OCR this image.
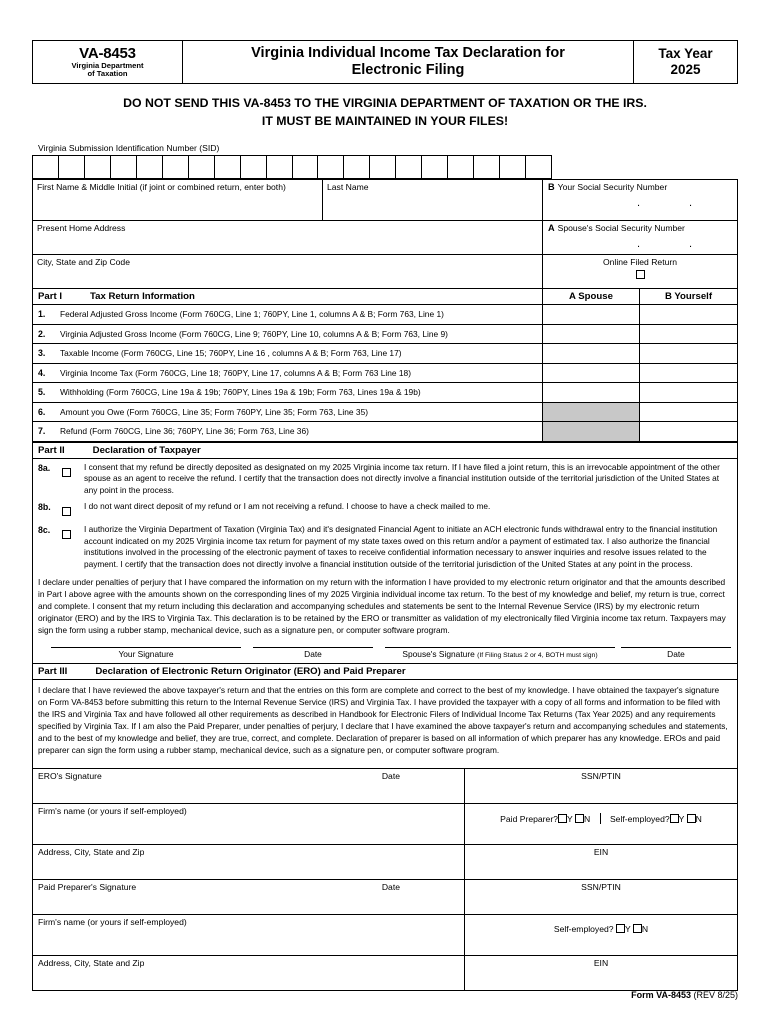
VA-8453
Virginia Department
of Taxation
Virginia Individual Income Tax Declaration for
Electronic Filing
Tax Year
2025
DO NOT SEND THIS VA-8453 TO THE VIRGINIA DEPARTMENT OF TAXATION OR THE IRS.
IT MUST BE MAINTAINED IN YOUR FILES!
Virginia Submission Identification Number (SID)
First Name & Middle Initial (if joint or combined return, enter both)	Last Name
Present Home Address
City, State and Zip Code
B Your Social Security Number
.	.
A Spouse's Social Security Number
.	.
Online Filed Return
Part I	Tax Return Information	A Spouse	B Yourself
1.	Federal Adjusted Gross Income (Form 760CG, Line 1; 760PY, Line 1, columns A & B; Form 763, Line 1)
2.	Virginia Adjusted Gross Income (Form 760CG, Line 9; 760PY, Line 10, columns A & B; Form 763, Line 9)
3.	Taxable Income (Form 760CG, Line 15; 760PY, Line 16 , columns A & B; Form 763, Line 17)
4.	Virginia Income Tax (Form 760CG, Line 18; 760PY, Line 17, columns A & B; Form 763 Line 18)
5.	Withholding (Form 760CG, Line 19a & 19b; 760PY, Lines 19a & 19b; Form 763, Lines 19a & 19b)
6.	Amount you Owe (Form 760CG, Line 35; Form 760PY, Line 35; Form 763, Line 35)
7.	Refund (Form 760CG, Line 36; 760PY, Line 36; Form 763, Line 36)
Part II	Declaration of Taxpayer
8a.	I consent that my refund be directly deposited as designated on my 2025 Virginia income tax return. If I have filed a joint return, this is an irrevocable appointment of the other spouse as an agent to receive the refund. I certify that the transaction does not directly involve a financial institution outside of the territorial jurisdiction of the United States at any point in the process.
8b.	I do not want direct deposit of my refund or I am not receiving a refund. I choose to have a check mailed to me.
8c.	I authorize the Virginia Department of Taxation (Virginia Tax) and it's designated Financial Agent to initiate an ACH electronic funds withdrawal entry to the financial institution account indicated on my 2025 Virginia income tax return for payment of my state taxes owed on this return and/or a payment of estimated tax. I also authorize the financial institutions involved in the processing of the electronic payment of taxes to receive confidential information necessary to answer inquiries and resolve issues related to the payment. I certify that the transaction does not directly involve a financial institution outside of the territorial jurisdiction of the United States at any point in the process.
I declare under penalties of perjury that I have compared the information on my return with the information I have provided to my electronic return originator and that the amounts described in Part I above agree with the amounts shown on the corresponding lines of my 2025 Virginia individual income tax return. To the best of my knowledge and belief, my return is true, correct and complete. I consent that my return including this declaration and accompanying schedules and statements be sent to the Internal Revenue Service (IRS) by my electronic return originator (ERO) and by the IRS to Virginia Tax. This declaration is to be retained by the ERO or transmitter as validation of my electronically filed Virginia income tax return. Taxpayers may sign the form using a rubber stamp, mechanical device, such as a signature pen, or computer software program.
Your Signature	Date	Spouse's Signature (If Filing Status 2 or 4, BOTH must sign)	Date
Part III	Declaration of Electronic Return Originator (ERO) and Paid Preparer
I declare that I have reviewed the above taxpayer's return and that the entries on this form are complete and correct to the best of my knowledge. I have obtained the taxpayer's signature on Form VA-8453 before submitting this return to the Internal Revenue Service (IRS) and Virginia Tax. I have provided the taxpayer with a copy of all forms and information to be filed with the IRS and Virginia Tax and have followed all other requirements as described in Handbook for Electronic Filers of Individual Income Tax Returns (Tax Year 2025) and any requirements specified by Virginia Tax. If I am also the Paid Preparer, under penalties of perjury, I declare that I have examined the above taxpayer's return and accompanying schedules and statements, and to the best of my knowledge and belief, they are true, correct, and complete. Declaration of preparer is based on all information of which preparer has any knowledge. EROs and paid preparer can sign the form using a rubber stamp, mechanical device, such as a signature pen, or computer software program.
ERO's Signature	Date	SSN/PTIN
Firm's name (or yours if self-employed)
Paid Preparer? Y N Self-employed? Y N
Address, City, State and Zip	EIN
Paid Preparer's Signature	Date	SSN/PTIN
Firm's name (or yours if self-employed)
Self-employed? Y N
Address, City, State and Zip	EIN
Form VA-8453 (REV 8/25)
